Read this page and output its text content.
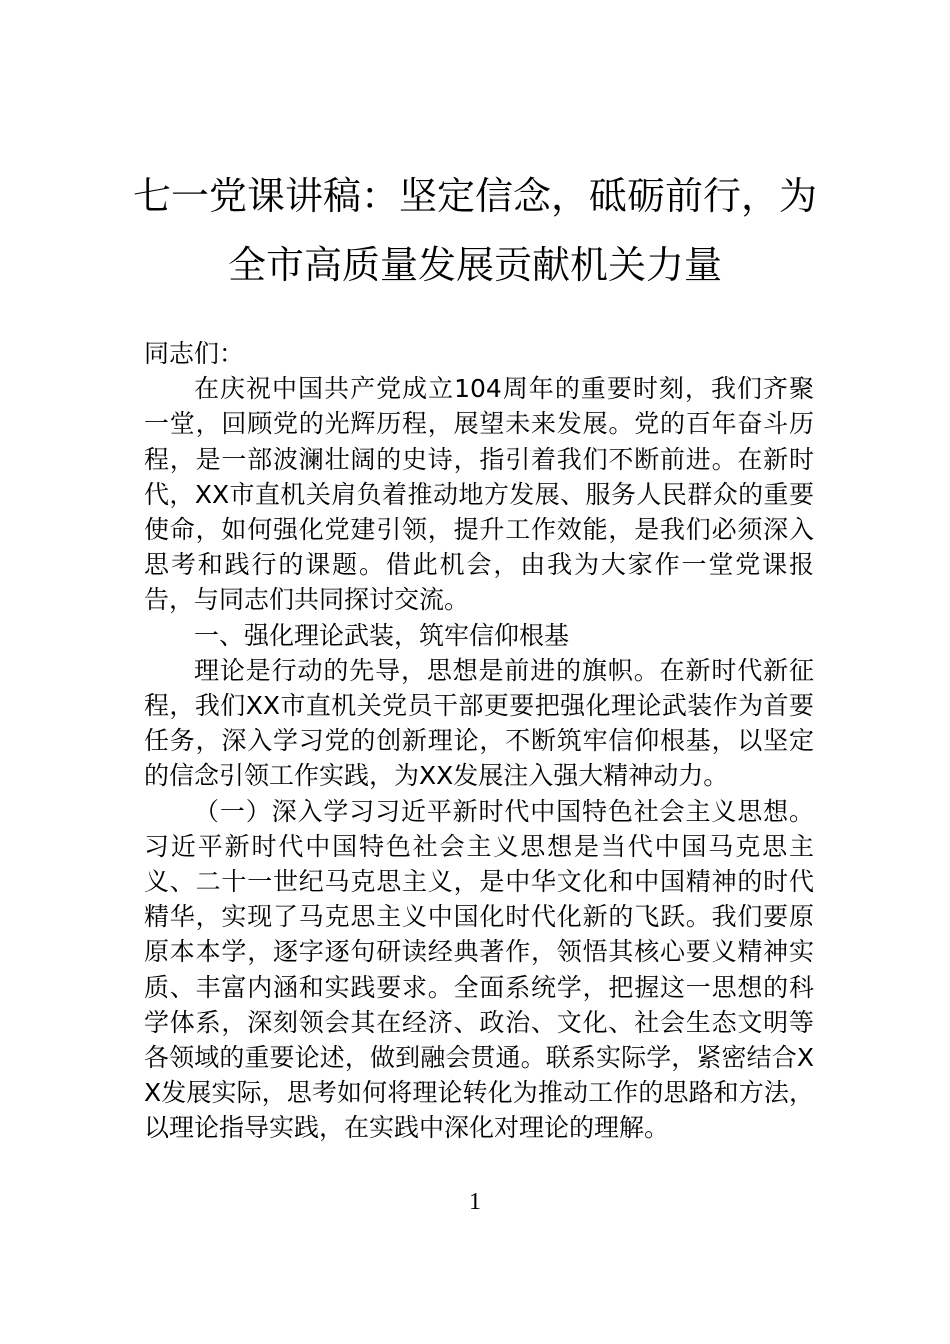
七一党课讲稿：坚定信念，砥砺前行，为
全市高质量发展贡献机关力量

同志们：

在庆祝中国共产党成立104周年的重要时刻，我们齐聚一堂，回顾党的光辉历程，展望未来发展。党的百年奋斗历程，是一部波澜壮阔的史诗，指引着我们不断前进。在新时代，XX市直机关肩负着推动地方发展、服务人民群众的重要使命，如何强化党建引领，提升工作效能，是我们必须深入思考和践行的课题。借此机会，由我为大家作一堂党课报告，与同志们共同探讨交流。

一、强化理论武装，筑牢信仰根基

理论是行动的先导，思想是前进的旗帜。在新时代新征程，我们XX市直机关党员干部更要把强化理论武装作为首要任务，深入学习党的创新理论，不断筑牢信仰根基，以坚定的信念引领工作实践，为XX发展注入强大精神动力。

（一）深入学习习近平新时代中国特色社会主义思想。习近平新时代中国特色社会主义思想是当代中国马克思主义、二十一世纪马克思主义，是中华文化和中国精神的时代精华，实现了马克思主义中国化时代化新的飞跃。我们要原原本本学，逐字逐句研读经典著作，领悟其核心要义精神实质、丰富内涵和实践要求。全面系统学，把握这一思想的科学体系，深刻领会其在经济、政治、文化、社会生态文明等各领域的重要论述，做到融会贯通。联系实际学，紧密结合XX发展实际，思考如何将理论转化为推动工作的思路和方法，以理论指导实践，在实践中深化对理论的理解。

1
